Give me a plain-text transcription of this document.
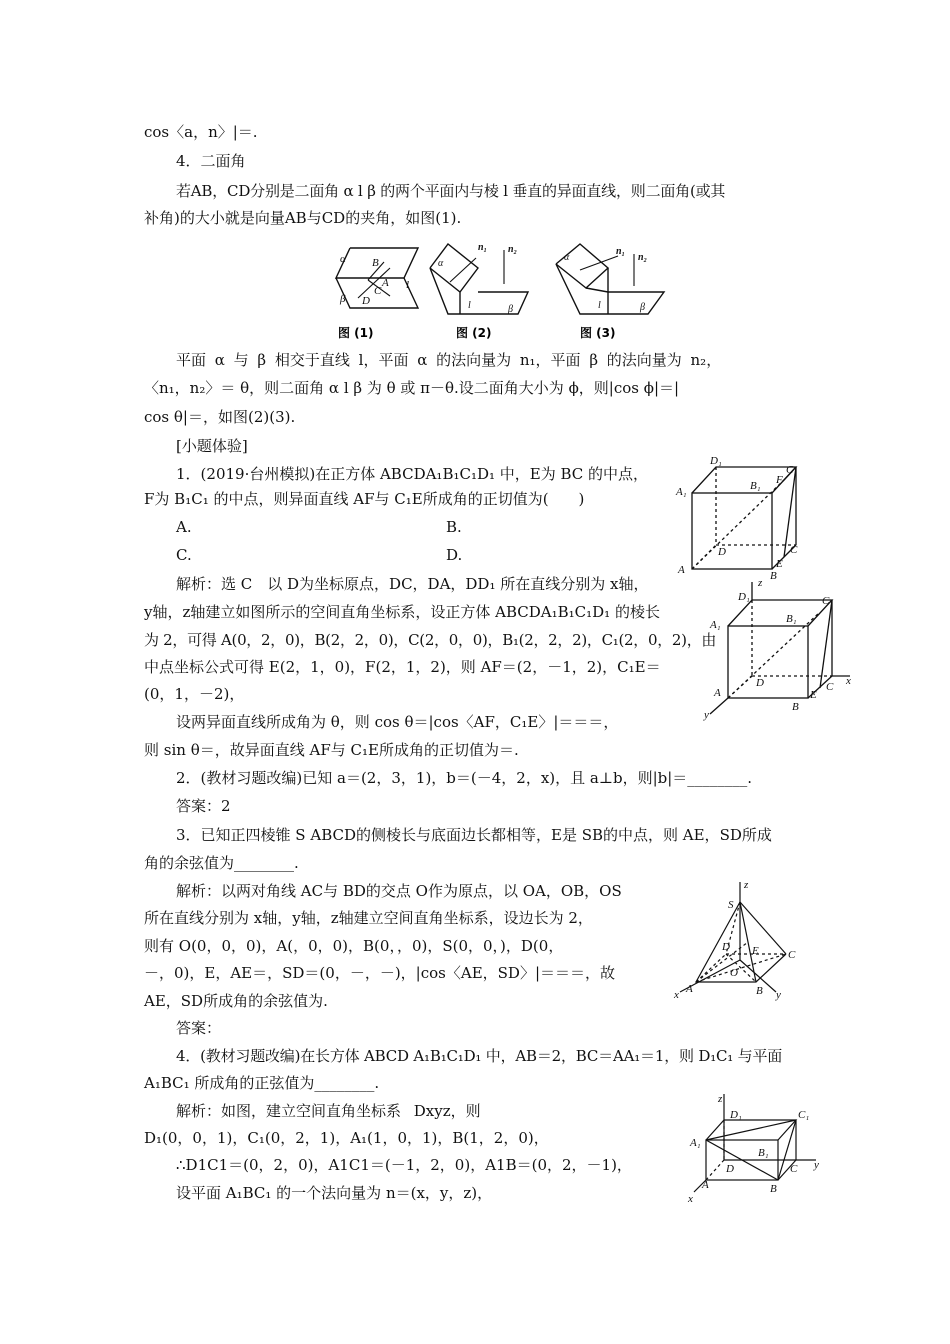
cos〈a，n〉|＝.
4．二面角
若AB，CD分别是二面角 α l β 的两个平面内与棱 l 垂直的异面直线，则二面角(或其
补角)的大小就是向量AB与CD的夹角，如图(1).
α B
A
C
β D
l
图 (1)
α
n₁ n₂
l	β
图 (2)
α
n₁
n₂
l	β
图 (3)
平面 α 与 β 相交于直线 l，平面 α 的法向量为 n₁，平面 β 的法向量为 n₂，
〈n₁，n₂〉＝ θ，则二面角 α l β 为 θ 或 π－θ.设二面角大小为 ϕ，则|cos ϕ|＝|
cos θ|＝，如图(2)(3).
[小题体验]
1．(2019·台州模拟)在正方体 ABCDA₁B₁C₁D₁ 中，E为 BC 的中点，
F为 B₁C₁ 的中点，则异面直线 AF与 C₁E所成角的正切值为(　　)
A.	B.
C.	D.
解析：选 C　以 D为坐标原点，DC，DA，DD₁ 所在直线分别为 x轴，
y轴，z轴建立如图所示的空间直角坐标系，设正方体 ABCDA₁B₁C₁D₁ 的棱长
为 2，可得 A(0，2，0)，B(2，2，0)，C(2，0，0)，B₁(2，2，2)，C₁(2，0，2)，由
中点坐标公式可得 E(2，1，0)，F(2，1，2)，则 AF＝(2，－1，2)，C₁E＝
(0，1，－2)，
设两异面直线所成角为 θ，则 cos θ＝|cos〈AF，C₁E〉|＝＝＝，
则 sin θ＝，故异面直线 AF与 C₁E所成角的正切值为＝.
2．(教材习题改编)已知 a＝(2，3，1)，b＝(－4，2，x)，且 a⊥b，则|b|＝________.
答案：2
3．已知正四棱锥 S ABCD的侧棱长与底面边长都相等，E是 SB的中点，则 AE，SD所成
角的余弦值为________.
解析：以两对角线 AC与 BD的交点 O作为原点，以 OA，OB，OS
所在直线分别为 x轴，y轴，z轴建立空间直角坐标系，设边长为 2，
则有 O(0，0，0)，A(，0，0)，B(0，，0)，S(0，0，)，D(0，
－，0)，E，AE＝，SD＝(0，－，－)，|cos〈AE，SD〉|＝＝＝，故
AE，SD所成角的余弦值为.
答案：
4．(教材习题改编)在长方体 ABCD A₁B₁C₁D₁ 中，AB＝2，BC＝AA₁＝1，则 D₁C₁ 与平面
A₁BC₁ 所成角的正弦值为________.
解析：如图，建立空间直角坐标系 Dxyz，则
D₁(0，0，1)，C₁(0，2，1)，A₁(1，0，1)，B(1，2，0)，
∴D1C1＝(0，2，0)，A1C1＝(－1，2，0)，A1B＝(0，2，－1)，
设平面 A₁BC₁ 的一个法向量为 n＝(x，y，z)，
D₁
C₁
A₁	B₁ F
D	C
E
A	B
z
D₁	C₁
A₁	B₁
D	C
E
A
B
x
y
z
S
D E	C
O
A	B
x	y
z
D₁	C₁
A₁
B₁
D	C y
A	B
x
